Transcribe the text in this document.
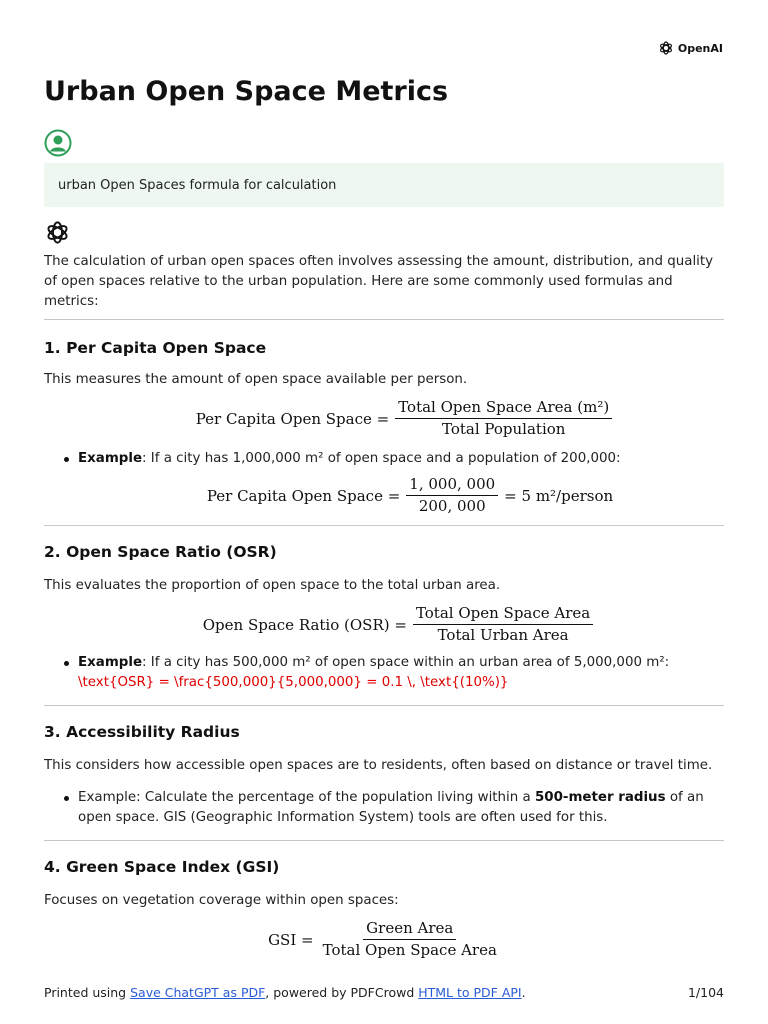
OpenAI
Urban Open Space Metrics
urban Open Spaces formula for calculation

The calculation of urban open spaces often involves assessing the amount, distribution, and quality of open spaces relative to the urban population. Here are some commonly used formulas and metrics:

1. Per Capita Open Space

This measures the amount of open space available per person.

Per Capita Open Space = $\frac{\text{Total Open Space Area (m²)}}{\text{Total Population}}$
Example: If a city has 1,000,000 m² of open space and a population of 200,000:
Per Capita Open Space = $\frac{1, 000, 000}{200, 000} = 5$ m²/person
2. Open Space Ratio (OSR)

This evaluates the proportion of open space to the total urban area.

Open Space Ratio $(OSR) = \frac{\text{Total Open Space Area}}{\text{Total Urban Area}}$
Example: If a city has 500,000 m² of open space within an urban area of 5,000,000 m²: \text{OSR} = \frac{500,000}{5,000,000} = 0.1 \, \text{(10%)}
3. Accessibility Radius

This considers how accessible open spaces are to residents, often based on distance or travel time.

Example: Calculate the percentage of the population living within a 500-meter radius of an open space. GIS (Geographic Information System) tools are often used for this.
4. Green Space Index (GSI)

Focuses on vegetation coverage within open spaces:

GSI = $\frac{\text{Green Area}}{\text{Total Open Space Area}}$
Printed using Save ChatGPT as PDF, powered by PDFCrowd HTML to PDF API.	1/104
